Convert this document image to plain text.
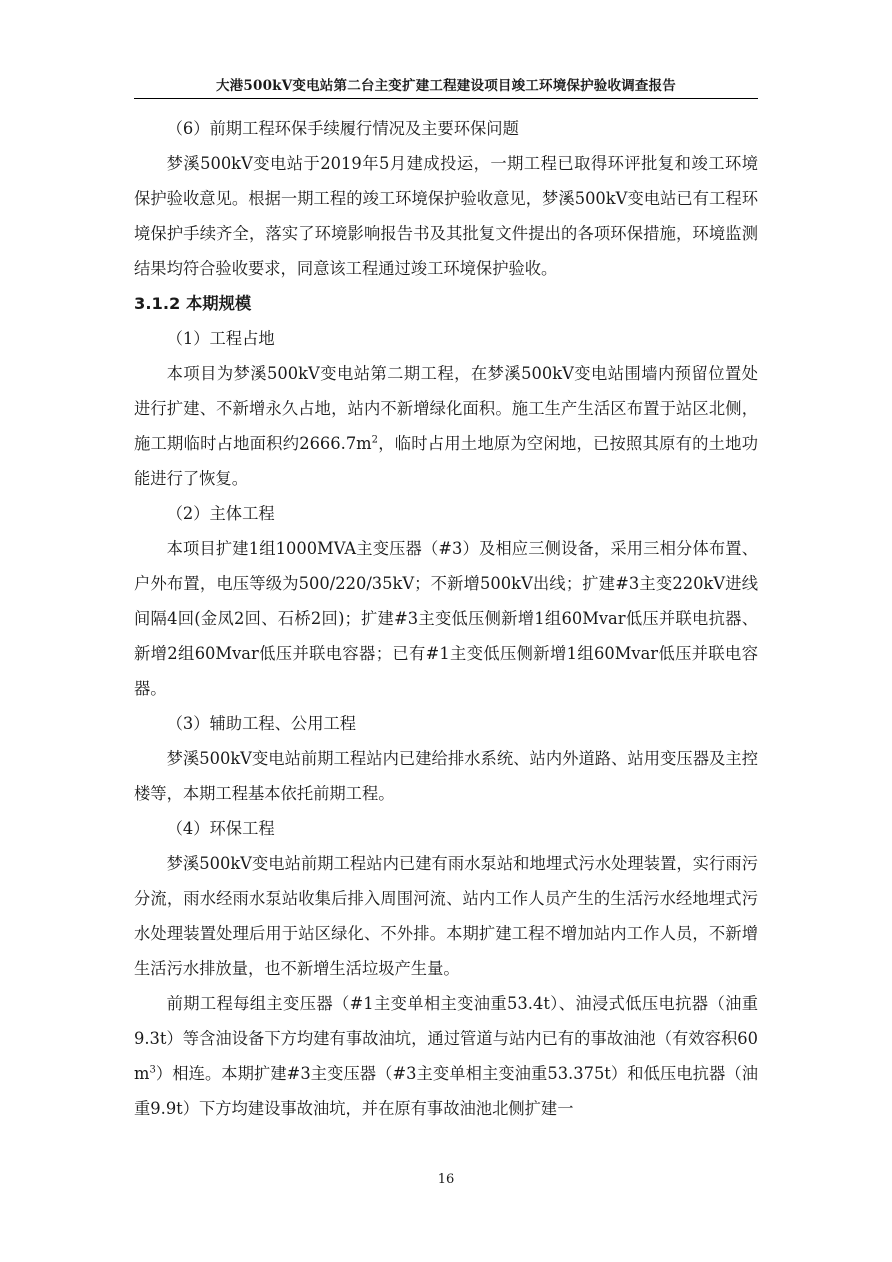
大港500kV变电站第二台主变扩建工程建设项目竣工环境保护验收调查报告

（6）前期工程环保手续履行情况及主要环保问题

梦溪500kV变电站于2019年5月建成投运，一期工程已取得环评批复和竣工环境保护验收意见。根据一期工程的竣工环境保护验收意见，梦溪500kV变电站已有工程环境保护手续齐全，落实了环境影响报告书及其批复文件提出的各项环保措施，环境监测结果均符合验收要求，同意该工程通过竣工环境保护验收。

3.1.2 本期规模

（1）工程占地

本项目为梦溪500kV变电站第二期工程，在梦溪500kV变电站围墙内预留位置处进行扩建、不新增永久占地，站内不新增绿化面积。施工生产生活区布置于站区北侧，施工期临时占地面积约$2666.7m^2$，临时占用土地原为空闲地，已按照其原有的土地功能进行了恢复。

（2）主体工程

本项目扩建1组1000MVA主变压器（#3）及相应三侧设备，采用三相分体布置、户外布置，电压等级为500/220/35kV；不新增500kV出线；扩建#3主变220kV进线间隔4回(金凤2回、石桥2回)；扩建#3主变低压侧新增1组60Mvar低压并联电抗器、新增2组60Mvar低压并联电容器；已有#1主变低压侧新增1组60Mvar低压并联电容器。

（3）辅助工程、公用工程

梦溪500kV变电站前期工程站内已建给排水系统、站内外道路、站用变压器及主控楼等，本期工程基本依托前期工程。

（4）环保工程

梦溪500kV变电站前期工程站内已建有雨水泵站和地埋式污水处理装置，实行雨污分流，雨水经雨水泵站收集后排入周围河流、站内工作人员产生的生活污水经地埋式污水处理装置处理后用于站区绿化、不外排。本期扩建工程不增加站内工作人员，不新增生活污水排放量，也不新增生活垃圾产生量。

前期工程每组主变压器（#1主变单相主变油重53.4t）、油浸式低压电抗器（油重9.3t）等含油设备下方均建有事故油坑，通过管道与站内已有的事故油池（有效容积$60m^3$）相连。本期扩建#3主变压器（#3主变单相主变油重53.375t）和低压电抗器（油重9.9t）下方均建设事故油坑，并在原有事故油池北侧扩建一

16
